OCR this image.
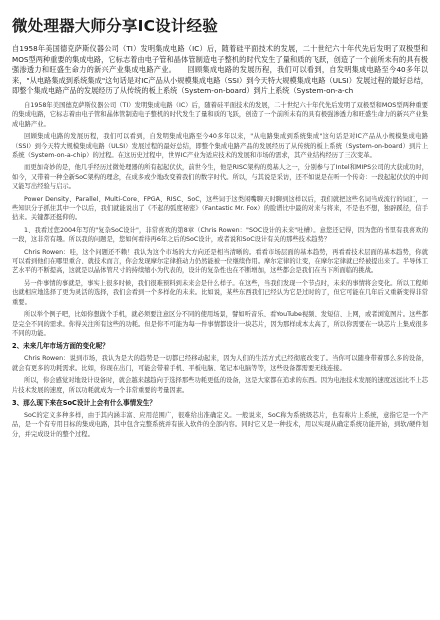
微处理器大师分享IC设计经验

自1958年美国德克萨斯仪器公司（TI）发明集成电路（IC）后，随着硅平面技术的发展，二十世纪六十年代先后发明了双极型和MOS型两种重要的集成电路，它标志着由电子管和晶体管制造电子整机的时代发生了量和质的飞跃，创造了一个前所未有的具有极强渗透力和旺盛生命力的新兴产业集成电路产业。　　回顾集成电路的发展历程，我们可以看到，自发明集成电路至今40多年以来，"从电路集成到系统集成"这句话是对IC产品从小规模集成电路（SSI）到今天特大规模集成电路（ULSI）发展过程的最好总结，即整个集成电路产品的发展经历了从传统的板上系统（System-on-board）到片上系统（System-on-a-ch

自1958年美国德克萨斯仪器公司（TI）发明集成电路（IC）后，随着硅平面技术的发展，二十世纪六十年代先后发明了双极型和MOS型两种重要的集成电路，它标志着由电子管和晶体管制造电子整机的时代发生了量和质的飞跃，创造了一个前所未有的具有极强渗透力和旺盛生命力的新兴产业集成电路产业。

回顾集成电路的发展历程，我们可以看到，自发明集成电路至今40多年以来，"从电路集成到系统集成"这句话是对IC产品从小规模集成电路（SSI）到今天特大规模集成电路（ULSI）发展过程的最好总结，即整个集成电路产品的发展经历了从传统的板上系统（System-on-board）到片上系统（System-on-a-chip）的过程。在这历史过程中，世界IC产业为适应技术的发展和市场的需求，其产业结构经历了三次变革。

而更加奇妙的是，他几乎经历过微处理器的所有起起伏伏，前世今生，他是RISC架构的奠基人之一，分别参与了Intel和MIPS公司的大获成功时，如今，又带着一种全新SoC架构的理念，在成多或少地改变着我们的数字时代。所以，与其说是采访，还不如说是在听一个传奇：一段起起伏伏的中间又能写出经验与启示。

Power Density、Parallel、Multi-Core、FPGA、RISC、SoC，这些词于这类闲嘴聊天时聊到这样以后，我们就把这些名词当成流行的词汇，一些知识分子抓住其中一个以后，我们就能说出了《不起的弧度秘密》（Fantastic Mr. Fox）的脸谱比中最的对来与将来，不是也不想，独辟蹊径，信手拈来。关键都还挺仰的。

1、我看过您2004年写的"复杂SoC设计"，非常喜欢的第8章（Chris Rowen："SOC设计的未来"吐槽）。意您还记得，因为您的书里有我喜欢的一段，这非常有趣。所以我的问题是，您如何看待再6年之后的SoC设计，或者说和SoC设计有关的那些技术趋势？

Chris Rowen：哇，这个问题还不赖！我认为这个市场的大方向还是相当清晰的。看看市场层面的基本趋势，再看看技术层面的基本趋势，你就可以看到他们在哪里重合、就技术而言，你会发现摩尔定律推动力仍然能被一位继续作用。摩尔定律的让变，在摩尔定律就已经被提出来了。半导体工艺水平的不断提高，这就是以晶体管尺寸的持续缩小为代表的，设计的复杂性也在不断增加，这些都会是我们在当下所面临的挑战。

另一件事情的事就是，事实上很多时候，我们很难预料到未来会是什么样子。在这些，当我们发现一个节点时，未来的事情将会变化。所以工程师也就相应地选择了更为灵活的选择，我们会看到一个多样化的未来。比如说，某些东西我们已经认为它是过时的了，但它可能在几年后又重新变得非常重要。

所以举个例子吧，比如你想做个手机，就必须要注意区分不同的使用场景，譬如听音乐、看YouTube视频、发短信、上网，或者浏览图片。这些都是完全不同的需求。你得关注所有这些的功耗。但是你不可能为每一件事情都设计一块芯片，因为那样成本太高了，所以你需要在一块芯片上集成很多不同的功能。

2、未来几年市场方面的变化呢？

Chris Rowen：说到市场，我认为是大的趋势是一切都已经移动起来，因为人们的生活方式已经彻底改变了。当你可以随身带着那么多的设备，就会有更多的功耗需求。比如，你现在出门，可能会带着手机、平板电脑、笔记本电脑等等，这些设备都需要无线连接。

所以，你会感觉对地设计设备时，就会越来越趋向于选择那些功耗更低的设备，这是大家都在追求的东西。因为电池技术发展的速度远远比不上芯片技术发展的速度，所以功耗就成为一个非常重要的考量因素。

3、那么现下来在SoC设计上会有什么事情发生？

SoC的定义多种多样，由于其内涵丰富、应用范围广，很难给出准确定义。一般说来，SoC称为系统级芯片，也有称片上系统，意指它是一个产品，是一个有专用目标的集成电路，其中包含完整系统并有嵌入软件的全部内容。同时它又是一种技术，用以实现从确定系统功能开始，到软/硬件划分，并完成设计的整个过程。
